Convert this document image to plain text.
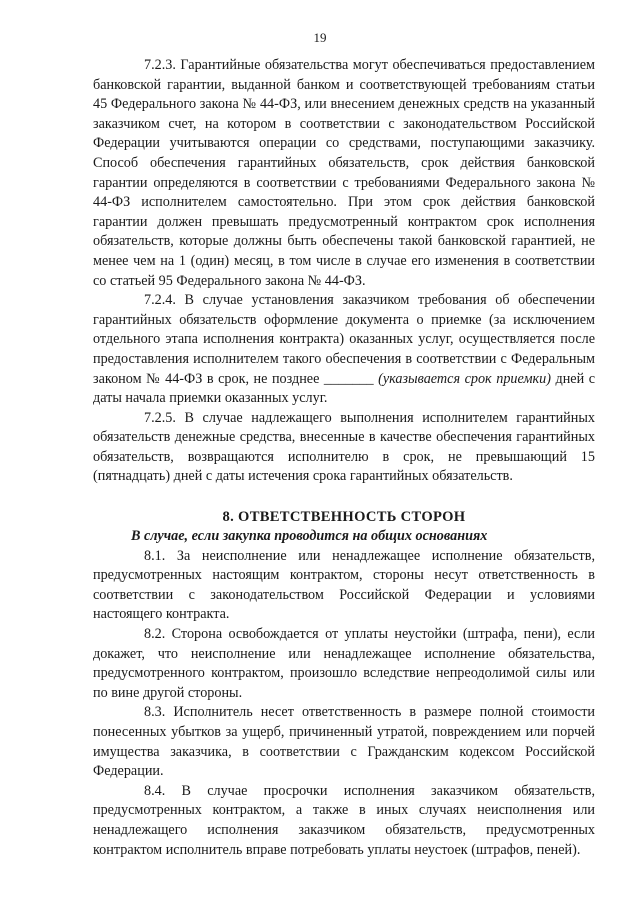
19

7.2.3. Гарантийные обязательства могут обеспечиваться предоставлением банковской гарантии, выданной банком и соответствующей требованиям статьи 45 Федерального закона № 44-ФЗ, или внесением денежных средств на указанный заказчиком счет, на котором в соответствии с законодательством Российской Федерации учитываются операции со средствами, поступающими заказчику. Способ обеспечения гарантийных обязательств, срок действия банковской гарантии определяются в соответствии с требованиями Федерального закона № 44-ФЗ исполнителем самостоятельно. При этом срок действия банковской гарантии должен превышать предусмотренный контрактом срок исполнения обязательств, которые должны быть обеспечены такой банковской гарантией, не менее чем на 1 (один) месяц, в том числе в случае его изменения в соответствии со статьей 95 Федерального закона № 44-ФЗ.

7.2.4. В случае установления заказчиком требования об обеспечении гарантийных обязательств оформление документа о приемке (за исключением отдельного этапа исполнения контракта) оказанных услуг, осуществляется после предоставления исполнителем такого обеспечения в соответствии с Федеральным законом № 44-ФЗ в срок, не позднее _______ (указывается срок приемки) дней с даты начала приемки оказанных услуг.

7.2.5. В случае надлежащего выполнения исполнителем гарантийных обязательств денежные средства, внесенные в качестве обеспечения гарантийных обязательств, возвращаются исполнителю в срок, не превышающий 15 (пятнадцать) дней с даты истечения срока гарантийных обязательств.

8. ОТВЕТСТВЕННОСТЬ СТОРОН
В случае, если закупка проводится на общих основаниях

8.1. За неисполнение или ненадлежащее исполнение обязательств, предусмотренных настоящим контрактом, стороны несут ответственность в соответствии с законодательством Российской Федерации и условиями настоящего контракта.

8.2. Сторона освобождается от уплаты неустойки (штрафа, пени), если докажет, что неисполнение или ненадлежащее исполнение обязательства, предусмотренного контрактом, произошло вследствие непреодолимой силы или по вине другой стороны.

8.3. Исполнитель несет ответственность в размере полной стоимости понесенных убытков за ущерб, причиненный утратой, повреждением или порчей имущества заказчика, в соответствии с Гражданским кодексом Российской Федерации.

8.4. В случае просрочки исполнения заказчиком обязательств, предусмотренных контрактом, а также в иных случаях неисполнения или ненадлежащего исполнения заказчиком обязательств, предусмотренных контрактом исполнитель вправе потребовать уплаты неустоек (штрафов, пеней).
